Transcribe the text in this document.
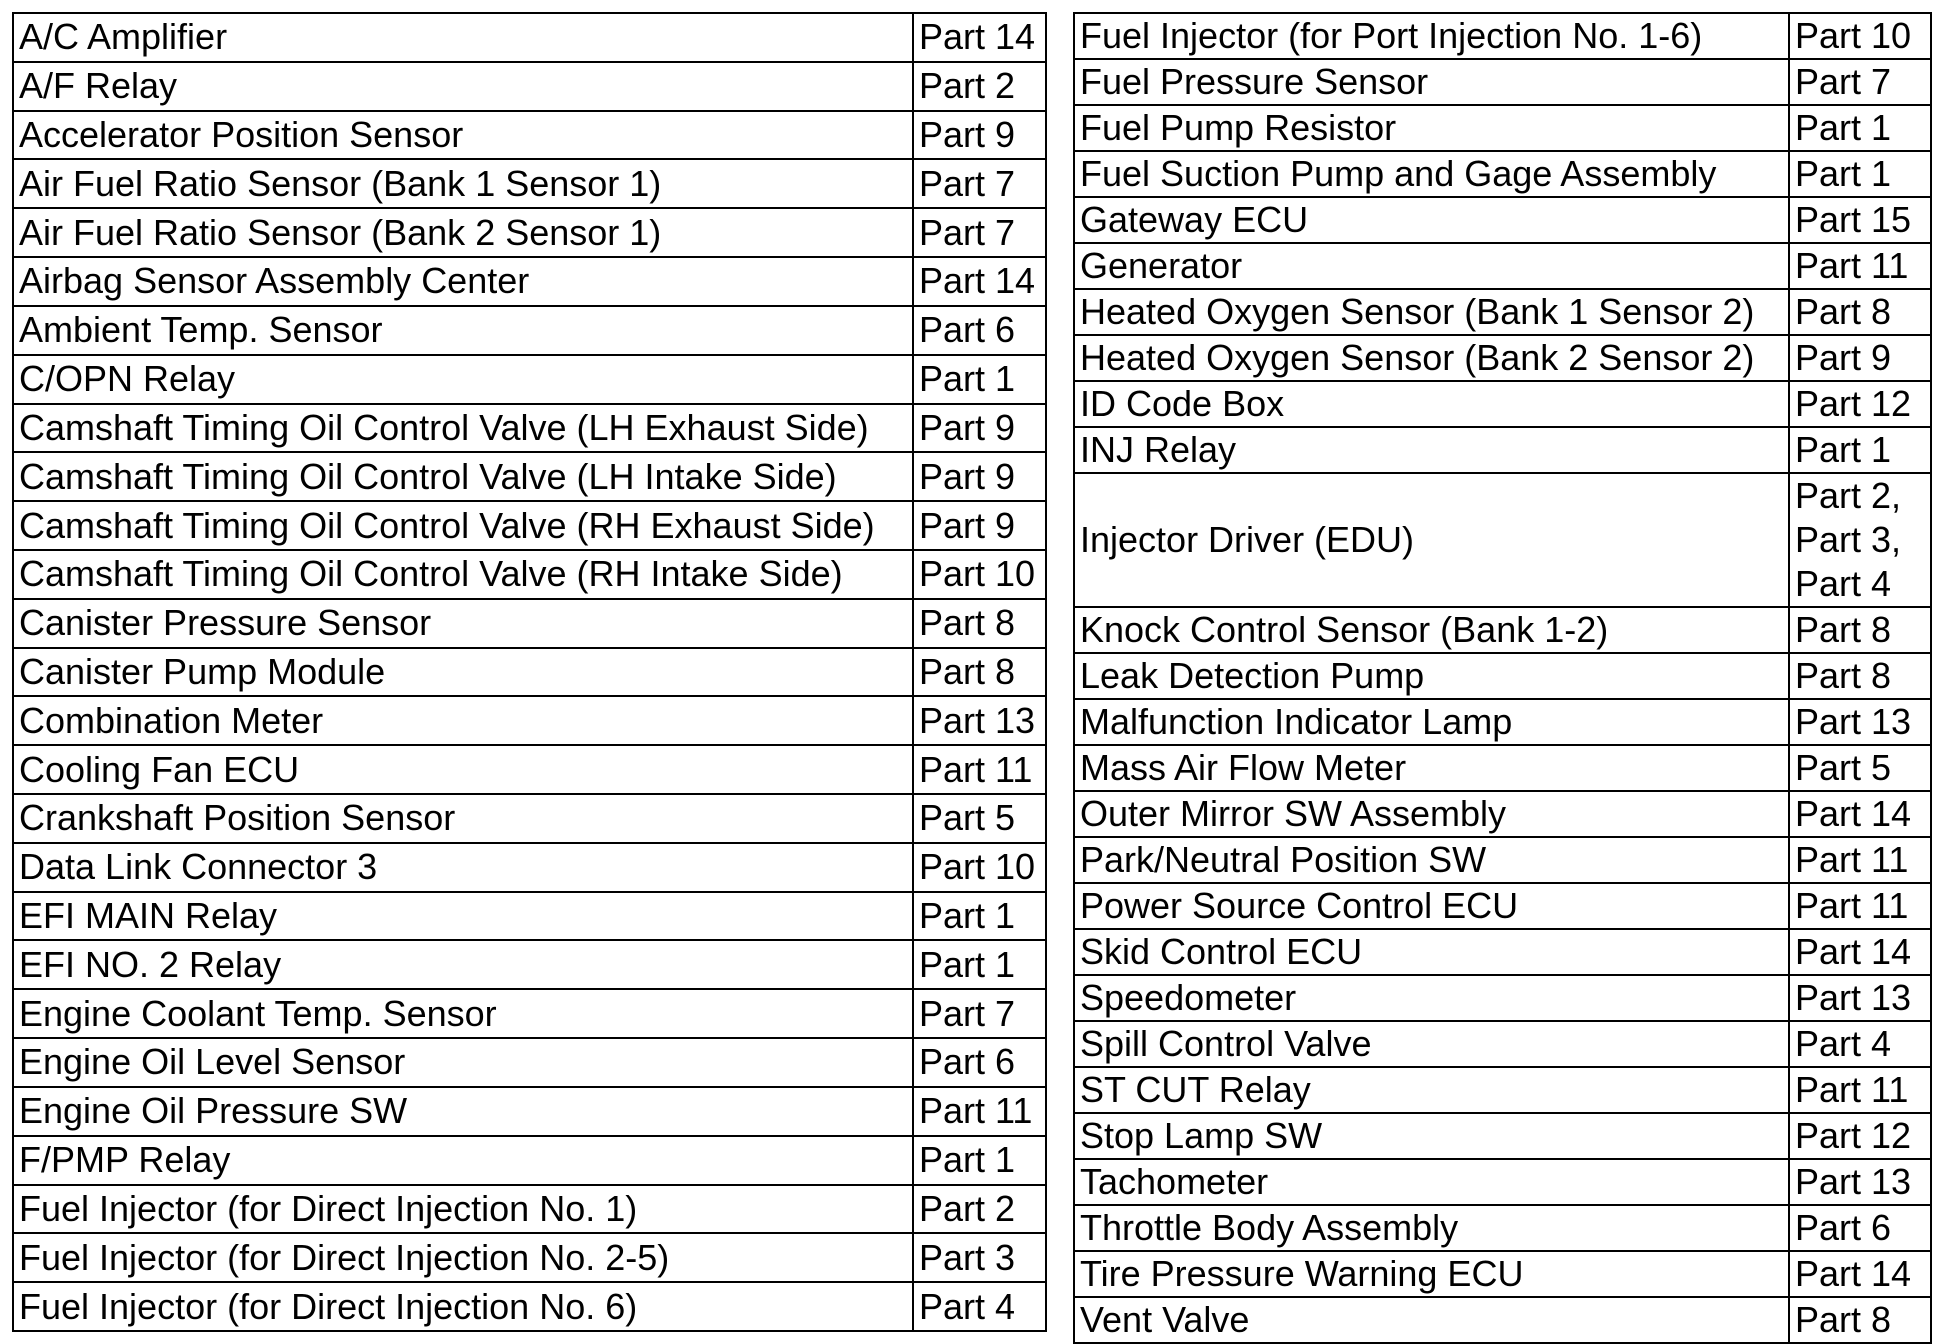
A/C Amplifier	Part 14
A/F Relay	Part 2
Accelerator Position Sensor	Part 9
Air Fuel Ratio Sensor (Bank 1 Sensor 1)	Part 7
Air Fuel Ratio Sensor (Bank 2 Sensor 1)	Part 7
Airbag Sensor Assembly Center	Part 14
Ambient Temp. Sensor	Part 6
C/OPN Relay	Part 1
Camshaft Timing Oil Control Valve (LH Exhaust Side)	Part 9
Camshaft Timing Oil Control Valve (LH Intake Side)	Part 9
Camshaft Timing Oil Control Valve (RH Exhaust Side)	Part 9
Camshaft Timing Oil Control Valve (RH Intake Side)	Part 10
Canister Pressure Sensor	Part 8
Canister Pump Module	Part 8
Combination Meter	Part 13
Cooling Fan ECU	Part 11
Crankshaft Position Sensor	Part 5
Data Link Connector 3	Part 10
EFI MAIN Relay	Part 1
EFI NO. 2 Relay	Part 1
Engine Coolant Temp. Sensor	Part 7
Engine Oil Level Sensor	Part 6
Engine Oil Pressure SW	Part 11
F/PMP Relay	Part 1
Fuel Injector (for Direct Injection No. 1)	Part 2
Fuel Injector (for Direct Injection No. 2-5)	Part 3
Fuel Injector (for Direct Injection No. 6)	Part 4
Fuel Injector (for Port Injection No. 1-6)	Part 10
Fuel Pressure Sensor	Part 7
Fuel Pump Resistor	Part 1
Fuel Suction Pump and Gage Assembly	Part 1
Gateway ECU	Part 15
Generator	Part 11
Heated Oxygen Sensor (Bank 1 Sensor 2)	Part 8
Heated Oxygen Sensor (Bank 2 Sensor 2)	Part 9
ID Code Box	Part 12
INJ Relay	Part 1
Injector Driver (EDU)	Part 2,
Part 3,
Part 4
Knock Control Sensor (Bank 1-2)	Part 8
Leak Detection Pump	Part 8
Malfunction Indicator Lamp	Part 13
Mass Air Flow Meter	Part 5
Outer Mirror SW Assembly	Part 14
Park/Neutral Position SW	Part 11
Power Source Control ECU	Part 11
Skid Control ECU	Part 14
Speedometer	Part 13
Spill Control Valve	Part 4
ST CUT Relay	Part 11
Stop Lamp SW	Part 12
Tachometer	Part 13
Throttle Body Assembly	Part 6
Tire Pressure Warning ECU	Part 14
Vent Valve	Part 8
